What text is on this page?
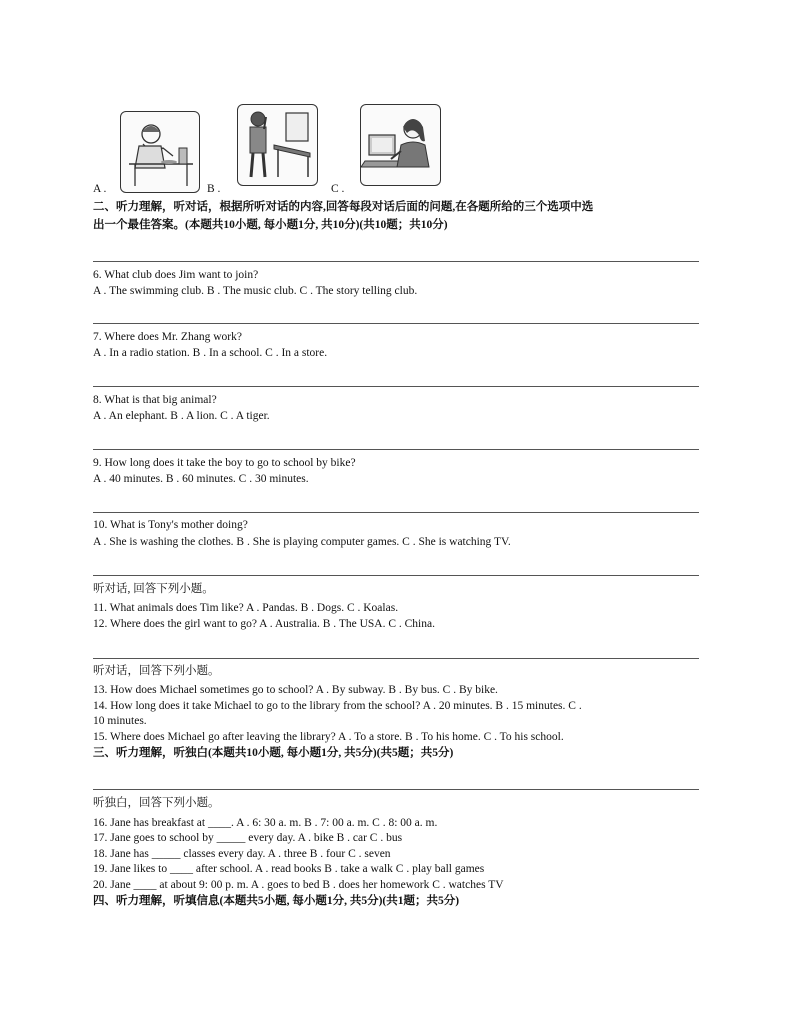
A .	B .	C .
二、听力理解，听对话，根据所听对话的内容,回答每段对话后面的问题,在各题所给的三个选项中选
出一个最佳答案。(本题共10小题, 每小题1分, 共10分)(共10题；共10分)
6. What club does Jim want to join?
A . The swimming club. B . The music club. C . The story telling club.
7. Where does Mr. Zhang work?
A . In a radio station. B . In a school. C . In a store.
8. What is that big animal?
A . An elephant. B . A lion. C . A tiger.
9. How long does it take the boy to go to school by bike?
A . 40 minutes. B . 60 minutes. C . 30 minutes.
10. What is Tony's mother doing?
A . She is washing the clothes. B . She is playing computer games. C . She is watching TV.
听对话, 回答下列小题。
11. What animals does Tim like? A . Pandas. B . Dogs. C . Koalas.
12. Where does the girl want to go? A . Australia. B . The USA. C . China.
听对话，回答下列小题。
13. How does Michael sometimes go to school? A . By subway. B . By bus. C . By bike.
14. How long does it take Michael to go to the library from the school? A . 20 minutes. B . 15 minutes. C .
10 minutes.
15. Where does Michael go after leaving the library? A . To a store. B . To his home. C . To his school.
三、听力理解，听独白(本题共10小题, 每小题1分, 共5分)(共5题；共5分)
听独白，回答下列小题。
16. Jane has breakfast at ____. A . 6: 30 a. m. B . 7: 00 a. m. C . 8: 00 a. m.
17. Jane goes to school by _____ every day. A . bike B . car C . bus
18. Jane has _____ classes every day. A . three B . four C . seven
19. Jane likes to ____ after school. A . read books B . take a walk C . play ball games
20. Jane ____ at about 9: 00 p. m. A . goes to bed B . does her homework C . watches TV
四、听力理解，听填信息(本题共5小题, 每小题1分, 共5分)(共1题；共5分)
